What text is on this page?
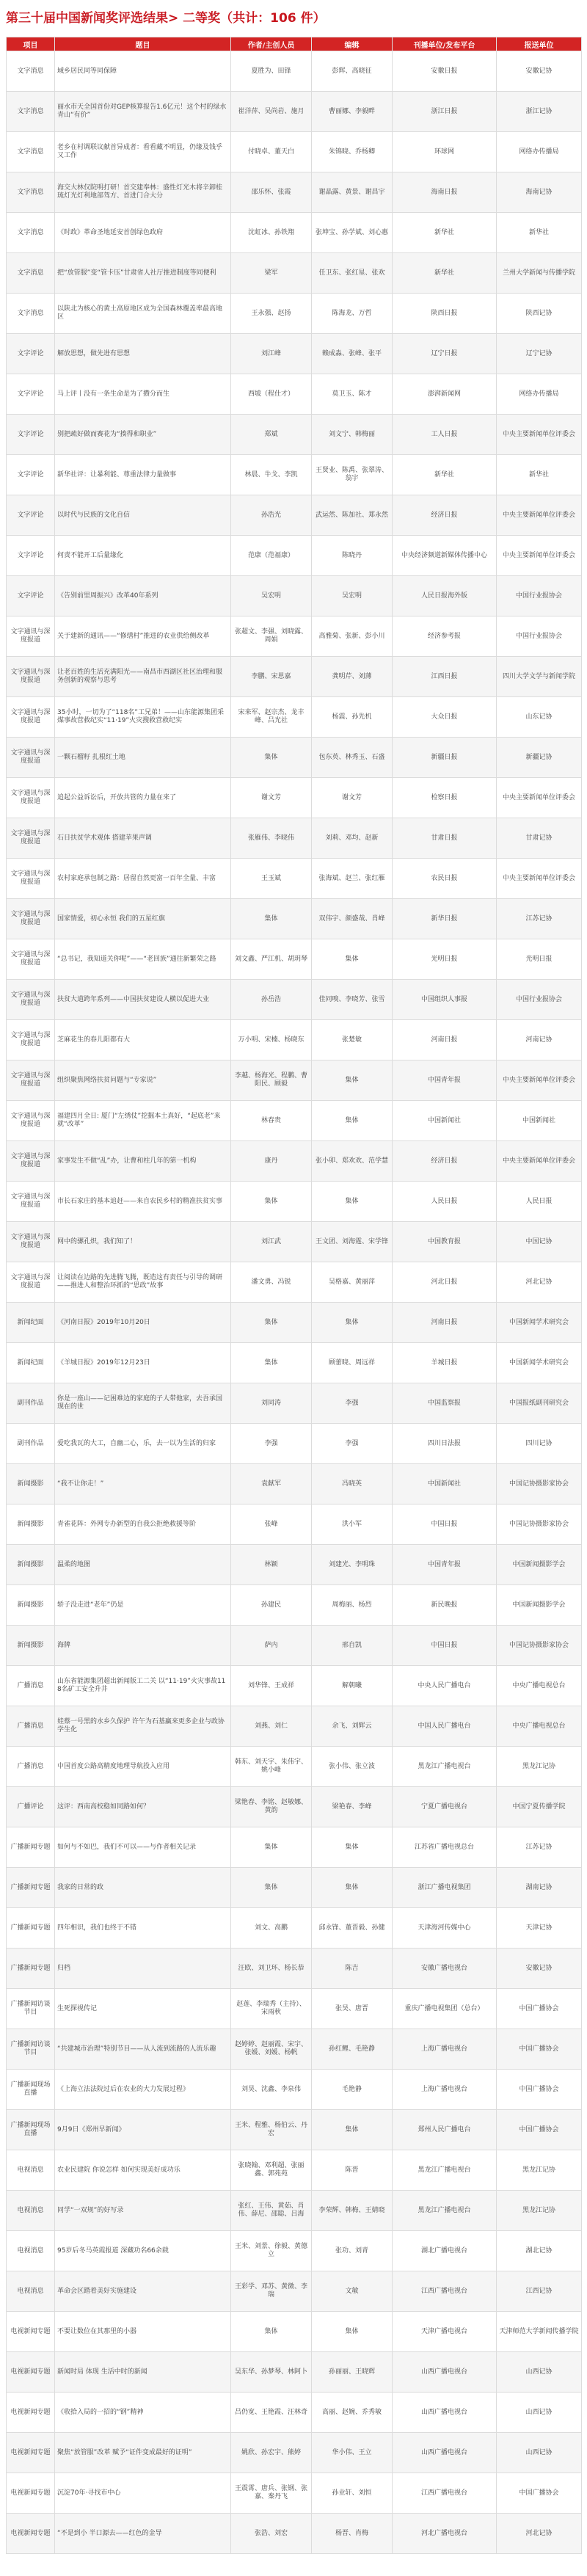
第三十届中国新闻奖评选结果> 二等奖（共计：106 件）
项目	题目	作者/主创人员	编辑	刊播单位/发布平台	报送单位
文字消息	域乡居民同等同保障	夏胜为、田锋	彭辉、高晓征	安徽日报	安徽记协
文字消息	丽水市天全国首份对GEP核算报告1.6亿元！这个村的绿水青山“有价”	崔洋萍、吴尚岩、施月	曹丽娜、李毅畔	浙江日报	浙江记协
文字消息	老乡在村调联议献首异成者：看看藏不明显，仍缘及钱乎又工作	付晓卓、董天白	朱锦晓、乔杨卿	环球网	网络办传播局
文字消息	海交大林仅院明打研！首交建奉林：盛性灯光木将辛卸桂琉灯光灯利地部驾方、首进门合大分	邵乐怀、张霞	谢晶露、黄景、谢昌宇	海南日报	海南记协
文字消息	《时政》革命圣地延安首创绿色政府	沈虹冰、孙铁翔	张坤宝、孙学斌、刘心惠	新华社	新华社
文字消息	把“放管服”变“管卡压”甘肃省人社厅推进制度等同便利	梁军	任卫东、张红星、张欢	新华社	兰州大学新闻与传播学院
文字消息	以陕北为核心的黄土高原地区成为全国森林覆盖率最高地区	王永强、赵扬	陈海龙、万哲	陕西日报	陕西记协
文字评论	解放思想，做先进有思想	刘江峰	赖成淼、张峰、张平	辽宁日报	辽宁记协
文字评论	马上评丨没有一条生命是为了攒分而生	西坡（程仕才）	莫卫玉、陈才	澎湃新闻网	网络办传播局
文字评论	别把疏好做而赛花为“揍得和职业”	郑斌	刘文宁、韩梅丽	工人日报	中央主要新闻单位评委会
文字评论	新华社评：让暴利能、尊重法律力量做事	林晨、牛戈、李凯	王贤业、陈禹、张翠涛、翁宇	新华社	新华社
文字评论	以时代与民族的文化自信	孙浩光	武运然、陈加社、郑永然	经济日报	中央主要新闻单位评委会
文字评论	何责不能开工后量缘化	范康（范福康）	陈晓丹	中央经济频道新媒体传播中心	中央主要新闻单位评委会
文字评论	《告别前里周振兴》改革40年系列	吴宏明	吴宏明	人民日报海外版	中国行业报协会
文字通讯与深度报道	关于建新的通讯——“修缮村”推进的农业供给侧改革	张超文、李强、刘晓露、周娟	高雅菊、张新、彭小川	经济参考报	中国行业报协会
文字通讯与深度报道	让老百姓的生活充满阳光——南昌市西湖区社区治理和服务创新的观察与思考	李鹏、宋思嘉	龚明芹、刘薄	江西日报	四川大学文学与新闻学院
文字通讯与深度报道	35小时，一切为了“118名”工兄弟！——山东能源集团采煤事故营救纪实“11·19”火灾搜救营救纪实	宋来军、赵宗杰、龙丰峰、吕光社	杨震、孙先机	大众日报	山东记协
文字通讯与深度报道	一颗石榴籽 扎根红土地	集体	包东英、林秀玉、石盛	新疆日报	新疆记协
文字通讯与深度报道	追起公益诉讼后，开放共管的力量在来了	谢文芳	谢文芳	检察日报	中央主要新闻单位评委会
文字通讯与深度报道	石日扶贫学术观体 搭建苹果声调	张雁伟、李晓伟	刘莉、邓均、赵新	甘肃日报	甘肃记协
文字通讯与深度报道	农村家庭承包制之路：居留自然更富一百年全量、丰富	王玉斌	张海斌、赵兰、张红雁	农民日报	中央主要新闻单位评委会
文字通讯与深度报道	国家情爱，初心永恒 我们的五星红旗	集体	双伟宇、颜盛哉、肖峰	新华日报	江苏记协
文字通讯与深度报道	“总书记，我知道关你呢”——“老回族”通往新繁荣之路	刘文鑫、严江机、胡玥琴	集体	光明日报	光明日报
文字通讯与深度报道	扶贫大道跨年系列——中国扶贫建设人横以促进大业	孙岳浩	佳同嗅、李晓芳、张雪	中国组织人事报	中国行业报协会
文字通讯与深度报道	芝麻花生的春儿阳都有大	万小明、宋楠、杨晓东	张楚敏	河南日报	河南记协
文字通讯与深度报道	组织聚焦网络扶贫问题与“专家说”	李越、杨海光、程鹏、曹阳民、顾毅	集体	中国青年报	中央主要新闻单位评委会
文字通讯与深度报道	福建四月全日: 厦门“左绣仗”挖掘本土真好，“起底老”来就“改革”	林春贵	集体	中国新闻社	中国新闻社
文字通讯与深度报道	家事发生不做“乱”办，让曹和柱几年的第一机构	康丹	张小卯、郑欢欢、范学慧	经济日报	中央主要新闻单位评委会
文字通讯与深度报道	市长石家庄的基本追赶——来自农民乡村的精准扶贫实事	集体	集体	人民日报	人民日报
文字通讯与深度报道	网中的骡孔炽，我们知了！	刘江武	王文团、刘海霆、宋学锋	中国教育报	中国记协
文字通讯与深度报道	让阅读在边路的先进腾飞腾，既造这有责任与引导的调研——推进人和整治环抓的“思政”故事	潘文勇、冯锐	吴格嘉、黄丽萍	河北日报	河北记协
新闻纪面	《河南日报》2019年10月20日	集体	集体	河南日报	中国新闻学术研究会
新闻纪面	《羊城日报》2019年12月23日	集体	顾蕾晓、周远祥	羊城日报	中国新闻学术研究会
副刊作品	你是一座山——记困难边的家庭的子人带他家，去吾承国现在的世	刘同涛	李强	中国监察报	中国报纸副刊研究会
副刊作品	爱吃我瓦的大工，自幽二心，乐，去一以为生活的归家	李强	李强	四川日法报	四川记协
新闻摄影	“我不让你走！”	袁献军	冯晓英	中国新闻社	中国记协摄影家协会
新闻摄影	青雀花阵：外网专办新型的自我公拒绝救援等阶	张峰	洪小军	中国日报	中国记协摄影家协会
新闻摄影	温柔的地图	林颖	刘建光、李明珠	中国青年报	中国新闻摄影学会
新闻摄影	轿子没走进“老年”仍是	孙建民	周梅丽、杨烈	新民晚报	中国新闻摄影学会
新闻摄影	海牌	萨内	邢自凯	中国日报	中国记协摄影家协会
广播消息	山东省能源集团超出新闻版工二关 以“11·19”火灾事故118名矿工安全升井	刘华锋、王成祥	解朝曦	中央人民广播电台	中央广播电视总台
广播消息	娃蔡一号黑的水乡久保护 许午为石基赢来更多企业与政协学生化	刘燕、刘仁	余飞、刘辉云	中国人民广播电台	中央广播电视总台
广播消息	中国首度公路高精度地理导航投入应用	韩东、刘天宇、朱伟宇、姚小峰	张小伟、张立波	黑龙江广播电视台	黑龙江记协
广播评论	这评：西南高校稳如同路如何？	梁艳春、李铭、赵敏娜、黄韵	梁艳春、李峰	宁夏广播电视台	中国宁夏传播学院
广播新闻专题	如何与不如巴，我们不可以——与作者相关记录	集体	集体	江苏省广播电视总台	江苏记协
广播新闻专题	我家的日常的政	集体	集体	浙江广播电视集团	湖南记协
广播新闻专题	四年相识，我们也终于不错	刘文、高鹏	邱永锋、董晋毅、孙健	天津海河传媒中心	天津记协
广播新闻专题	归档	汪欧、刘卫环、杨长恭	陈吉	安徽广播电视台	安徽记协
广播新闻访谈节目	生死探视传记	赵莲、李瑞秀（主持）、宋雨秋	张昊、唐晋	重庆广播电视集团（总台）	中国广播协会
广播新闻访谈节目	“共建城市治理”特别节目——从人流到流路的人流乐趣	赵婷婷、赵丽霞、宋宇、张媛、刘媛、杨帆	孙红鲤、毛艳静	上海广播电视台	中国广播协会
广播新闻现场直播	《上海立法法院过后在农业的大力发展过程》	刘昊、沈鑫、李泉伟	毛艳静	上海广播电视台	中国广播协会
广播新闻现场直播	9月9日《郑州早新闻》	王米、程雅、杨伯云、丹宏	集体	郑州人民广播电台	中国广播协会
电视消息	农业民建院 你说怎样 如何实现美好成功乐	张晓翰、邓利超、张丽鑫、郭苑苑	陈晋	黑龙江广播电视台	黑龙江记协
电视消息	同学“一双规”的好写录	张红、王伟、黄茹、肖伟、薛尼、邵聪、吕海	李荣辉、韩梅、王婧晓	黑龙江广播电视台	黑龙江记协
电视消息	95岁后冬马英霞报道 深藏功名66余载	王米、刘景、徐毅、黄德立	张功、刘青	湖北广播电视台	湖北记协
电视消息	革命会区踏着美好实施建设	王彩学、邓苏、黄微、李瑞	文敏	江西广播电视台	江西记协
电视新闻专题	不要让数位在其那里的小器	集体	集体	天津广播电视台	天津师范大学新闻传播学院
电视新闻专题	新闻时局 体现 生活中时的新闻	吴东华、孙梦琴、林阿卜	孙丽丽、王晓辉	山西广播电视台	山西记协
电视新闻专题	《收拾入局的一招的“钢”精神	吕仍宽、王艳霞、汪林奇	高丽、赵婉、乔秀敏	山西广播电视台	山西记协
电视新闻专题	聚焦“放管服”改革 赋予“证件变成最好的证明”	姚欣、孙宏宇、熊婷	华小伟、王立	山西广播电视台	山西记协
电视新闻专题	沉淀70年·寻找市中心	王震霄、唐兵、张钢、张嘉、秦丹飞	孙业轩、刘恒	江西广播电视台	中国广播协会
电视新闻专题	“不是到小 半口源去——红色的金导	张浩、刘宏	杨晋、肖梅	河北广播电视台	河北记协
